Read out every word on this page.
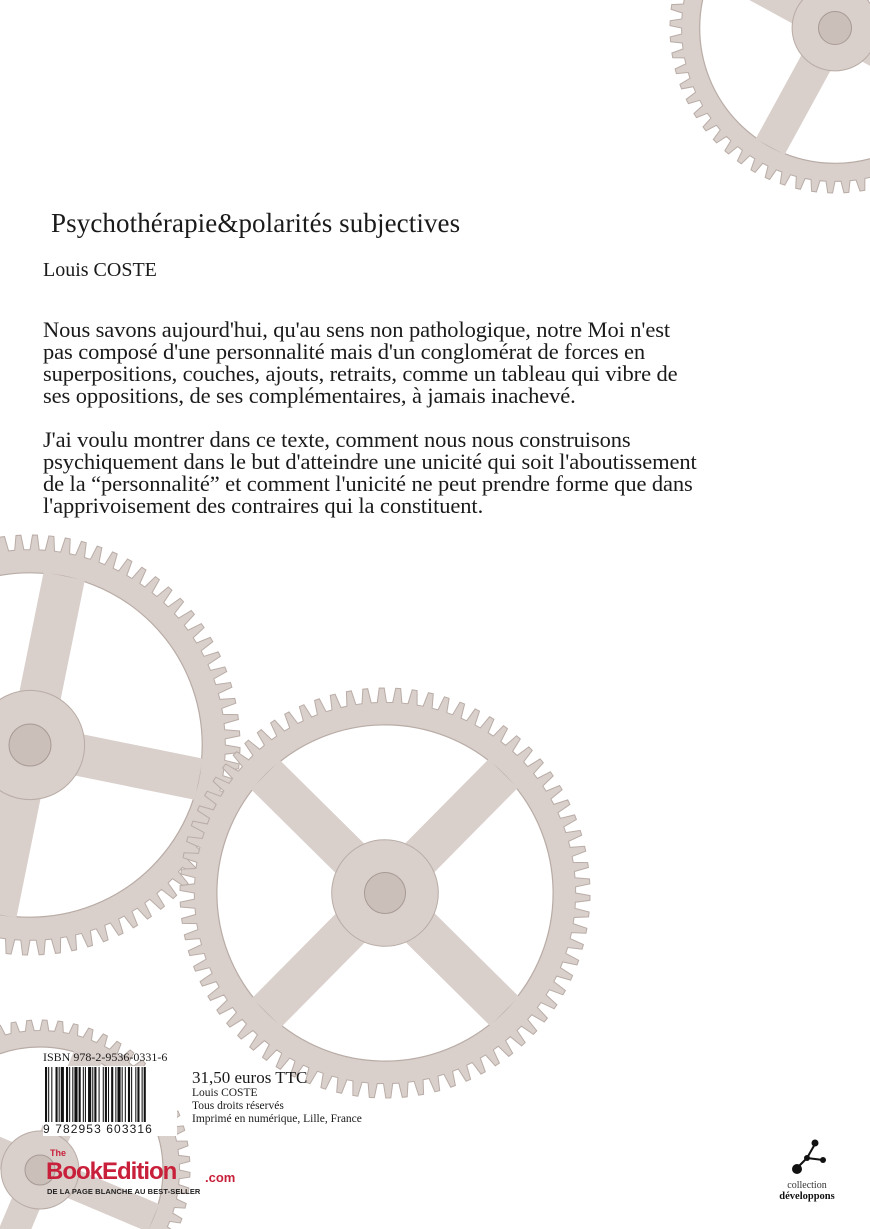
Psychothérapie&polarités subjectives
Louis COSTE

Nous savons aujourd'hui, qu'au sens non pathologique, notre Moi n'est pas composé d'une personnalité mais d'un conglomérat de forces en superpositions, couches, ajouts, retraits, comme un tableau qui vibre de ses oppositions, de ses complémentaires, à jamais inachevé.

J'ai voulu montrer dans ce texte, comment nous nous construisons psychiquement dans le but d'atteindre une unicité qui soit l'aboutissement de la “personnalité” et comment l'unicité ne peut prendre forme que dans l'apprivoisement des contraires qui la constituent.

ISBN 978-2-9536-0331-6
9 782953 603316
31,50 euros TTC
Louis COSTE
Tous droits réservés
Imprimé en numérique, Lille, France
The
BookEdition .com
DE LA PAGE BLANCHE AU BEST-SELLER
collection
développons
